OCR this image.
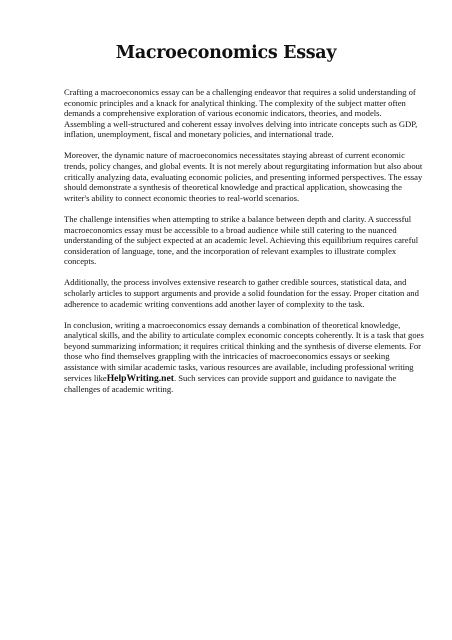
Macroeconomics Essay

Crafting a macroeconomics essay can be a challenging endeavor that requires a solid understanding of economic principles and a knack for analytical thinking. The complexity of the subject matter often demands a comprehensive exploration of various economic indicators, theories, and models. Assembling a well-structured and coherent essay involves delving into intricate concepts such as GDP, inflation, unemployment, fiscal and monetary policies, and international trade.

Moreover, the dynamic nature of macroeconomics necessitates staying abreast of current economic trends, policy changes, and global events. It is not merely about regurgitating information but also about critically analyzing data, evaluating economic policies, and presenting informed perspectives. The essay should demonstrate a synthesis of theoretical knowledge and practical application, showcasing the writer's ability to connect economic theories to real-world scenarios.

The challenge intensifies when attempting to strike a balance between depth and clarity. A successful macroeconomics essay must be accessible to a broad audience while still catering to the nuanced understanding of the subject expected at an academic level. Achieving this equilibrium requires careful consideration of language, tone, and the incorporation of relevant examples to illustrate complex concepts.

Additionally, the process involves extensive research to gather credible sources, statistical data, and scholarly articles to support arguments and provide a solid foundation for the essay. Proper citation and adherence to academic writing conventions add another layer of complexity to the task.

In conclusion, writing a macroeconomics essay demands a combination of theoretical knowledge, analytical skills, and the ability to articulate complex economic concepts coherently. It is a task that goes beyond summarizing information; it requires critical thinking and the synthesis of diverse elements. For those who find themselves grappling with the intricacies of macroeconomics essays or seeking assistance with similar academic tasks, various resources are available, including professional writing services likeHelpWriting.net. Such services can provide support and guidance to navigate the challenges of academic writing.
